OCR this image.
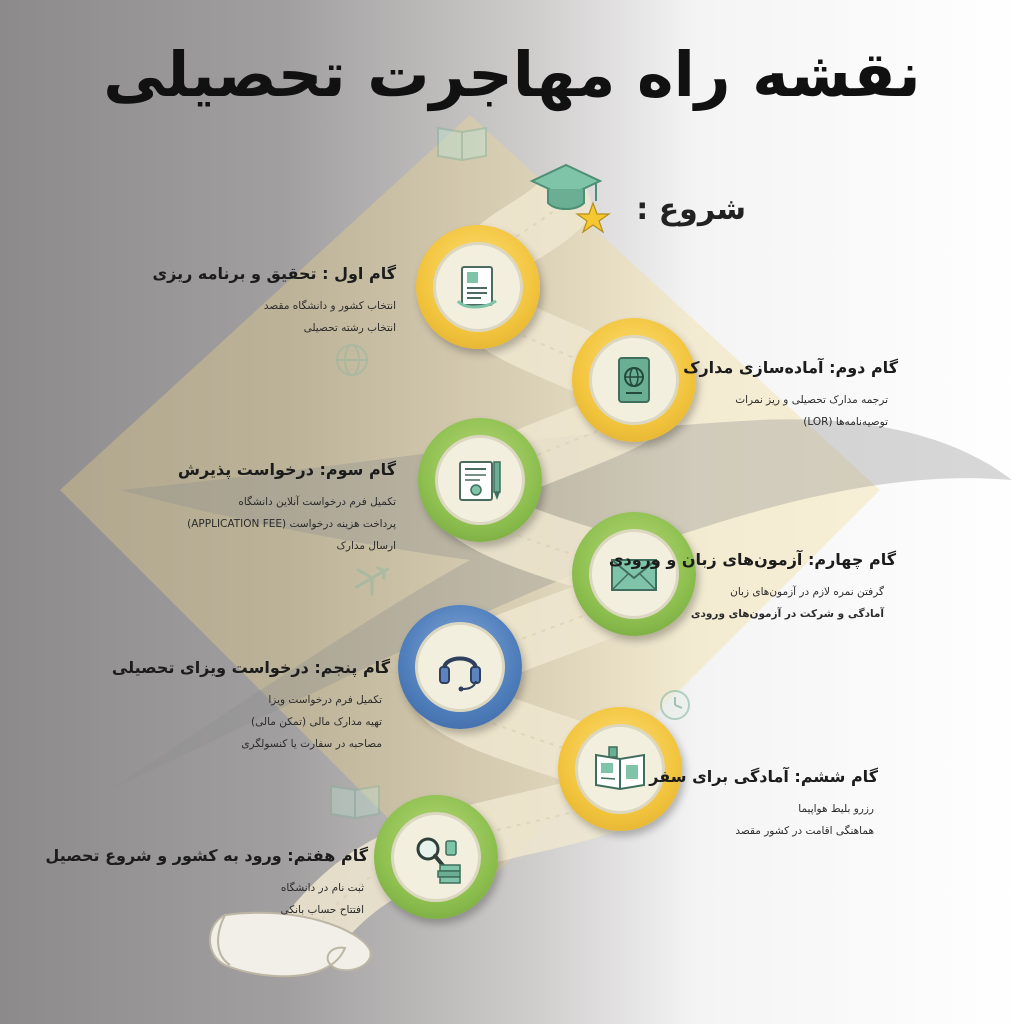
نقشه راه مهاجرت تحصیلی
شروع :
گام اول : تحقیق و برنامه ریزی
انتخاب کشور و دانشگاه مقصد
انتخاب رشته تحصیلی
گام دوم: آماده‌سازی مدارک
ترجمه مدارک تحصیلی و ریز نمرات
توصیه‌نامه‌ها (LOR)
گام سوم: درخواست پذیرش
تکمیل فرم درخواست آنلاین دانشگاه
پرداخت هزینه درخواست (APPLICATION FEE)
ارسال مدارک
گام چهارم: آزمون‌های زبان و ورودی
گرفتن نمره لازم در آزمون‌های زبان
آمادگی و شرکت در آزمون‌های ورودی
گام پنجم: درخواست ویزای تحصیلی
تکمیل فرم درخواست ویزا
تهیه مدارک مالی (تمکن مالی)
مصاحبه در سفارت یا کنسولگری
گام ششم: آمادگی برای سفر
رزرو بلیط هواپیما
هماهنگی اقامت در کشور مقصد
گام هفتم: ورود به کشور و شروع تحصیل
ثبت نام در دانشگاه
افتتاح حساب بانکی
